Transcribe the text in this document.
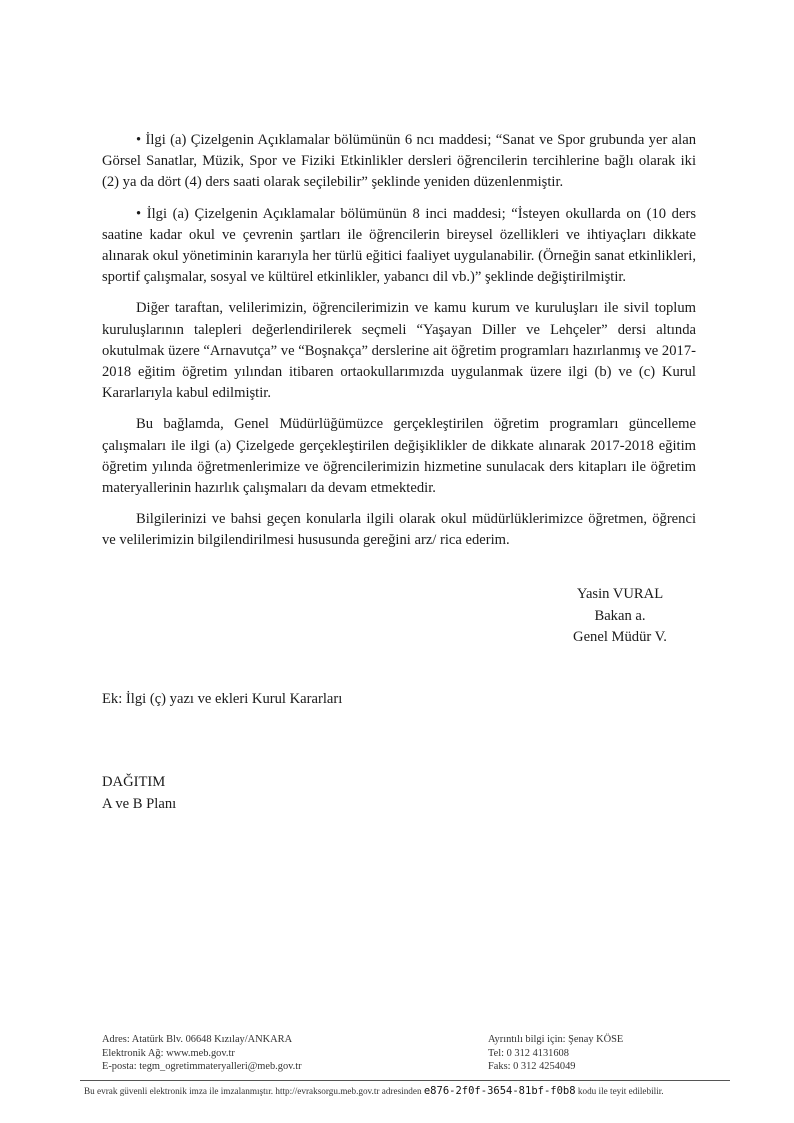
• İlgi (a) Çizelgenin Açıklamalar bölümünün 6 ncı maddesi; “Sanat ve Spor grubunda yer alan Görsel Sanatlar, Müzik, Spor ve Fiziki Etkinlikler dersleri öğrencilerin tercihlerine bağlı olarak iki (2) ya da dört (4) ders saati olarak seçilebilir” şeklinde yeniden düzenlenmiştir.

• İlgi (a) Çizelgenin Açıklamalar bölümünün 8 inci maddesi; “İsteyen okullarda on (10 ders saatine kadar okul ve çevrenin şartları ile öğrencilerin bireysel özellikleri ve ihtiyaçları dikkate alınarak okul yönetiminin kararıyla her türlü eğitici faaliyet uygulanabilir. (Örneğin sanat etkinlikleri, sportif çalışmalar, sosyal ve kültürel etkinlikler, yabancı dil vb.)” şeklinde değiştirilmiştir.

Diğer taraftan, velilerimizin, öğrencilerimizin ve kamu kurum ve kuruluşları ile sivil toplum kuruluşlarının talepleri değerlendirilerek seçmeli “Yaşayan Diller ve Lehçeler” dersi altında okutulmak üzere “Arnavutça” ve “Boşnakça” derslerine ait öğretim programları hazırlanmış ve 2017-2018 eğitim öğretim yılından itibaren ortaokullarımızda uygulanmak üzere ilgi (b) ve (c) Kurul Kararlarıyla kabul edilmiştir.

Bu bağlamda, Genel Müdürlüğümüzce gerçekleştirilen öğretim programları güncelleme çalışmaları ile ilgi (a) Çizelgede gerçekleştirilen değişiklikler de dikkate alınarak 2017-2018 eğitim öğretim yılında öğretmenlerimize ve öğrencilerimizin hizmetine sunulacak ders kitapları ile öğretim materyallerinin hazırlık çalışmaları da devam etmektedir.

Bilgilerinizi ve bahsi geçen konularla ilgili olarak okul müdürlüklerimizce öğretmen, öğrenci ve velilerimizin bilgilendirilmesi hususunda gereğini arz/ rica ederim.

Yasin VURAL
Bakan a.
Genel Müdür V.
Ek: İlgi (ç) yazı ve ekleri Kurul Kararları
DAĞITIM
A ve B Planı
Adres: Atatürk Blv. 06648 Kızılay/ANKARA
Elektronik Ağ: www.meb.gov.tr
E-posta: tegm_ogretimmateryalleri@meb.gov.tr
Ayrıntılı bilgi için: Şenay KÖSE
Tel: 0 312 4131608
Faks: 0 312 4254049
Bu evrak güvenli elektronik imza ile imzalanmıştır. http://evraksorgu.meb.gov.tr adresinden e876-2f0f-3654-81bf-f0b8 kodu ile teyit edilebilir.
